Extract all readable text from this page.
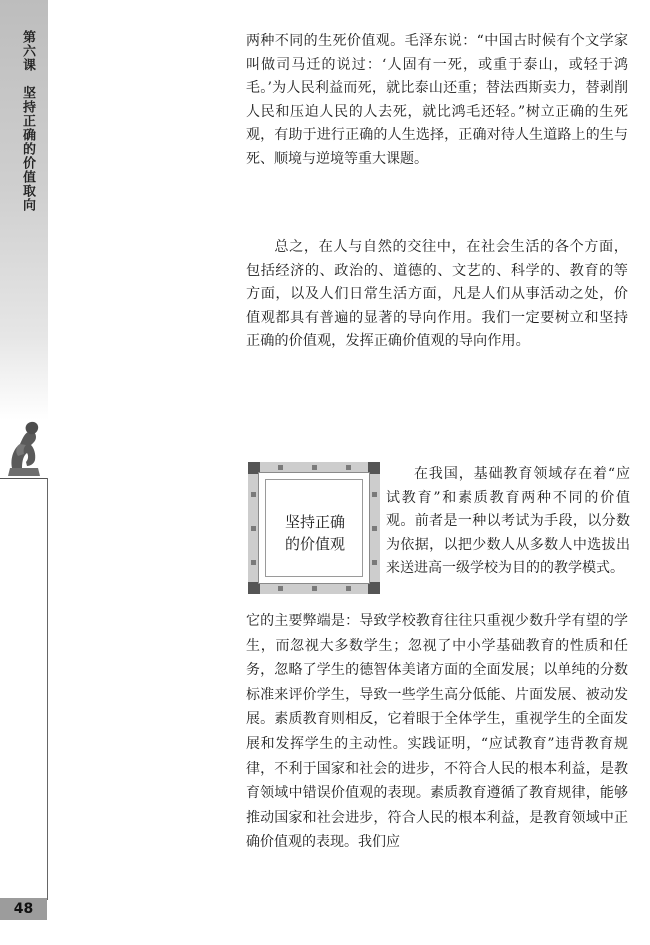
第六课坚持正确的价值取向
48

两种不同的生死价值观。毛泽东说：“中国古时候有个文学家叫做司马迁的说过：‘人固有一死，或重于泰山，或轻于鸿毛。’为人民利益而死，就比泰山还重；替法西斯卖力，替剥削人民和压迫人民的人去死，就比鸿毛还轻。”树立正确的生死观，有助于进行正确的人生选择，正确对待人生道路上的生与死、顺境与逆境等重大课题。

总之，在人与自然的交往中，在社会生活的各个方面，包括经济的、政治的、道德的、文艺的、科学的、教育的等方面，以及人们日常生活方面，凡是人们从事活动之处，价值观都具有普遍的显著的导向作用。我们一定要树立和坚持正确的价值观，发挥正确价值观的导向作用。

坚持正确
的价值观

在我国，基础教育领域存在着“应试教育”和素质教育两种不同的价值观。前者是一种以考试为手段，以分数为依据，以把少数人从多数人中选拔出来送进高一级学校为目的的教学模式。

它的主要弊端是：导致学校教育往往只重视少数升学有望的学生，而忽视大多数学生；忽视了中小学基础教育的性质和任务，忽略了学生的德智体美诸方面的全面发展；以单纯的分数标准来评价学生，导致一些学生高分低能、片面发展、被动发展。素质教育则相反，它着眼于全体学生，重视学生的全面发展和发挥学生的主动性。实践证明，“应试教育”违背教育规律，不利于国家和社会的进步，不符合人民的根本利益，是教育领域中错误价值观的表现。素质教育遵循了教育规律，能够推动国家和社会进步，符合人民的根本利益，是教育领域中正确价值观的表现。我们应
